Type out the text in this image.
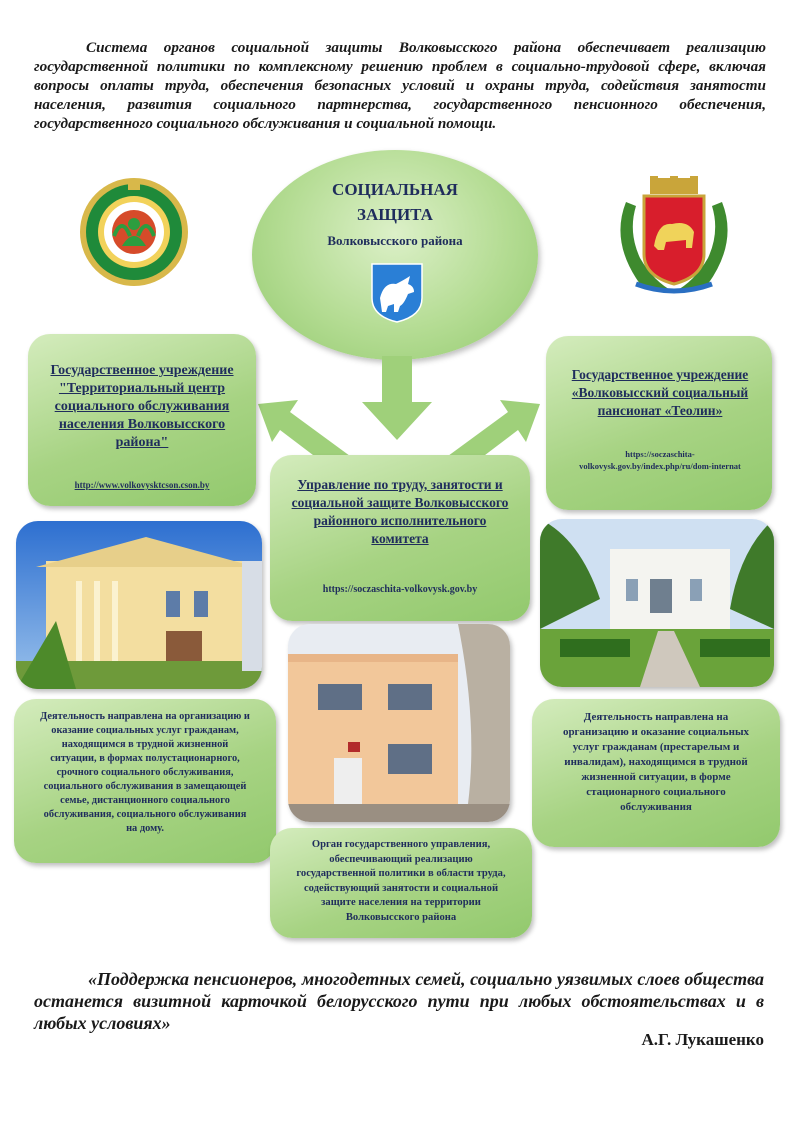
Система органов социальной защиты Волковысского района обеспечивает реализацию государственной политики по комплексному решению проблем в социально-трудовой сфере, включая вопросы оплаты труда, обеспечения безопасных условий и охраны труда, содействия занятости населения, развития социального партнерства, государственного пенсионного обеспечения, государственного социального обслуживания и социальной помощи.

СОЦИАЛЬНАЯ
ЗАЩИТА
Волковысского района
Государственное учреждение "Территориальный центр социального обслуживания населения Волковысского района"
http://www.volkovysktcson.cson.by
Государственное учреждение «Волковысский социальный пансионат «Теолин»
https://soczaschita-volkovysk.gov.by/index.php/ru/dom-internat
Управление по труду, занятости и социальной защите Волковысского районного исполнительного комитета
https://soczaschita-volkovysk.gov.by
Деятельность направлена на организацию и оказание социальных услуг гражданам, находящимся в трудной жизненной ситуации, в формах полустационарного, срочного социального обслуживания, социального обслуживания в замещающей семье, дистанционного социального обслуживания, социального обслуживания на дому.
Деятельность направлена на организацию и оказание социальных услуг гражданам (престарелым и инвалидам), находящимся в трудной жизненной ситуации, в форме стационарного социального обслуживания
Орган государственного управления, обеспечивающий реализацию государственной политики в области труда, содействующий занятости и социальной защите населения на территории Волковысского района

«Поддержка пенсионеров, многодетных семей, социально уязвимых слоев общества останется визитной карточкой белорусского пути при любых обстоятельствах и в любых условиях»

А.Г. Лукашенко
